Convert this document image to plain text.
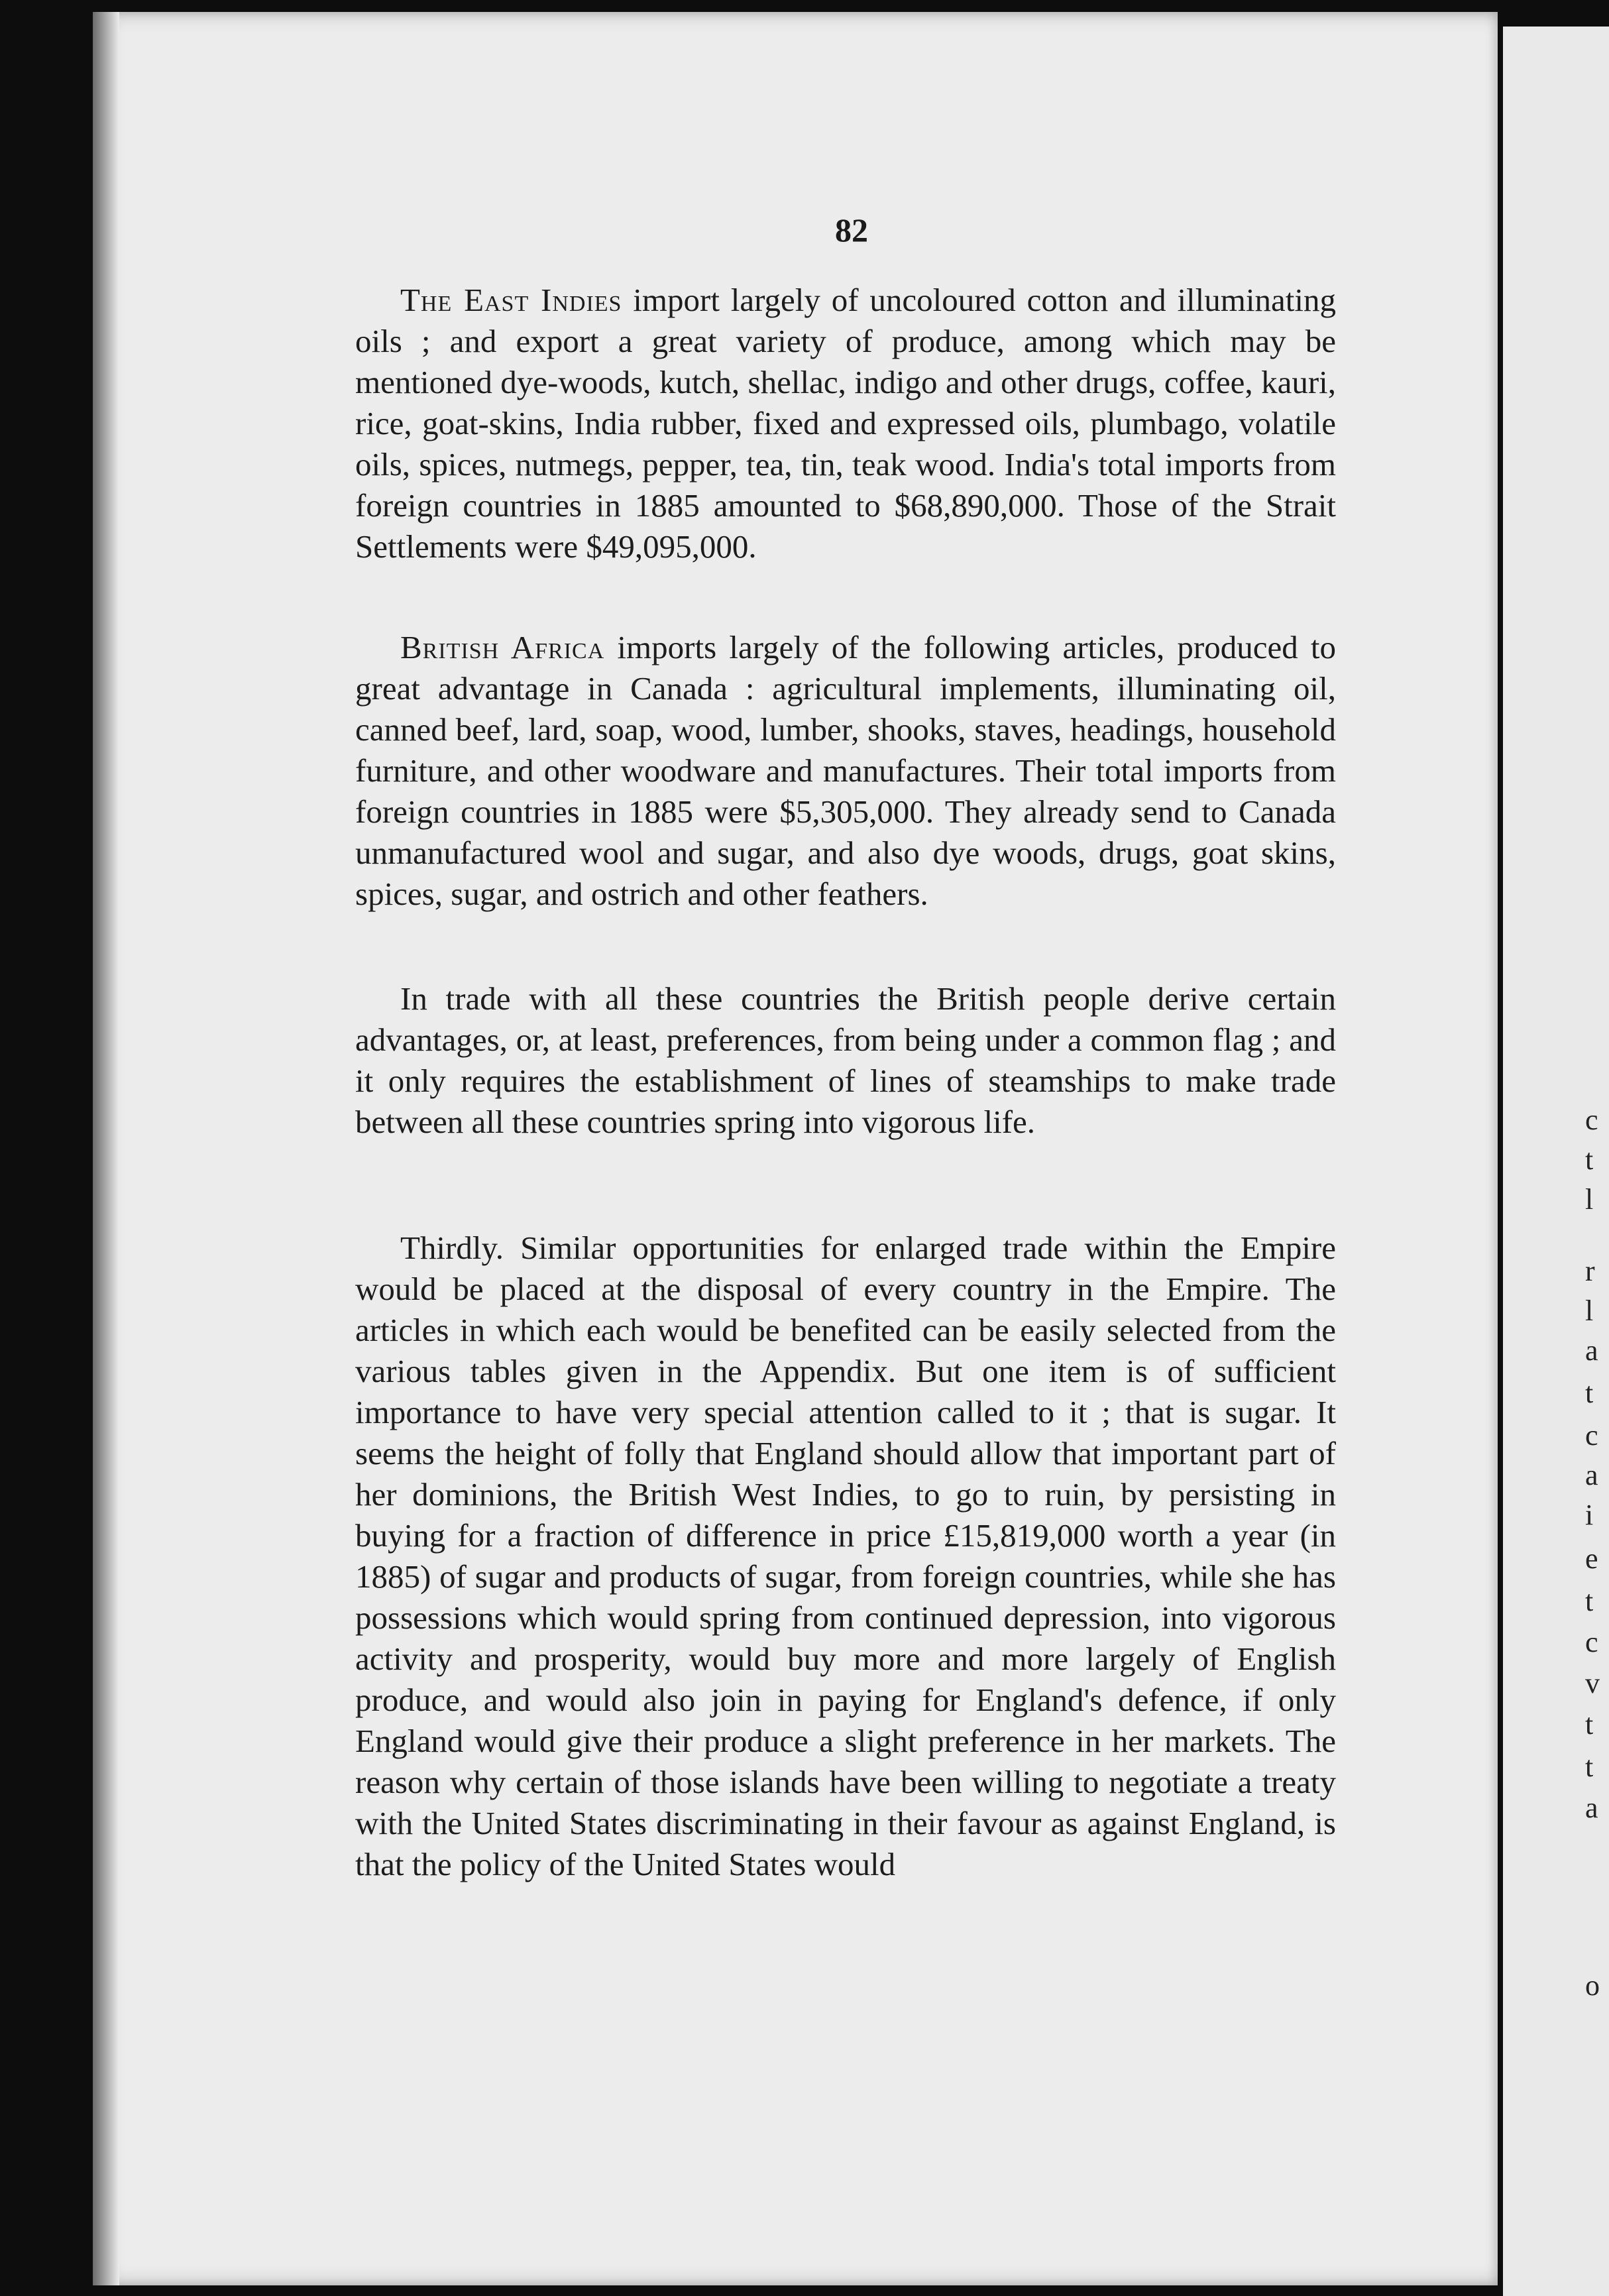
c
t
l
r
l
a
t
c
a
i
e
t
c
v
t
t
a
o
82

The East Indies import largely of uncoloured cotton and illuminating oils ; and export a great variety of produce, among which may be mentioned dye-woods, kutch, shellac, indigo and other drugs, coffee, kauri, rice, goat-skins, India rubber, fixed and expressed oils, plumbago, volatile oils, spices, nutmegs, pepper, tea, tin, teak wood. India's total imports from foreign countries in 1885 amounted to $68,890,000. Those of the Strait Settlements were $49,095,000.

British Africa imports largely of the following articles, produced to great advantage in Canada : agricultural implements, illuminating oil, canned beef, lard, soap, wood, lumber, shooks, staves, headings, household furniture, and other woodware and manufactures. Their total imports from foreign countries in 1885 were $5,305,000. They already send to Canada unmanufactured wool and sugar, and also dye woods, drugs, goat skins, spices, sugar, and ostrich and other feathers.

In trade with all these countries the British people derive certain advantages, or, at least, preferences, from being under a common flag ; and it only requires the establishment of lines of steamships to make trade between all these countries spring into vigorous life.

Thirdly. Similar opportunities for enlarged trade within the Empire would be placed at the disposal of every country in the Empire. The articles in which each would be benefited can be easily selected from the various tables given in the Appendix. But one item is of sufficient importance to have very special attention called to it ; that is sugar. It seems the height of folly that England should allow that important part of her dominions, the British West Indies, to go to ruin, by persisting in buying for a fraction of difference in price £15,819,000 worth a year (in 1885) of sugar and products of sugar, from foreign countries, while she has possessions which would spring from continued depression, into vigorous activity and prosperity, would buy more and more largely of English produce, and would also join in paying for England's defence, if only England would give their produce a slight preference in her markets. The reason why certain of those islands have been willing to negotiate a treaty with the United States discriminating in their favour as against England, is that the policy of the United States would
